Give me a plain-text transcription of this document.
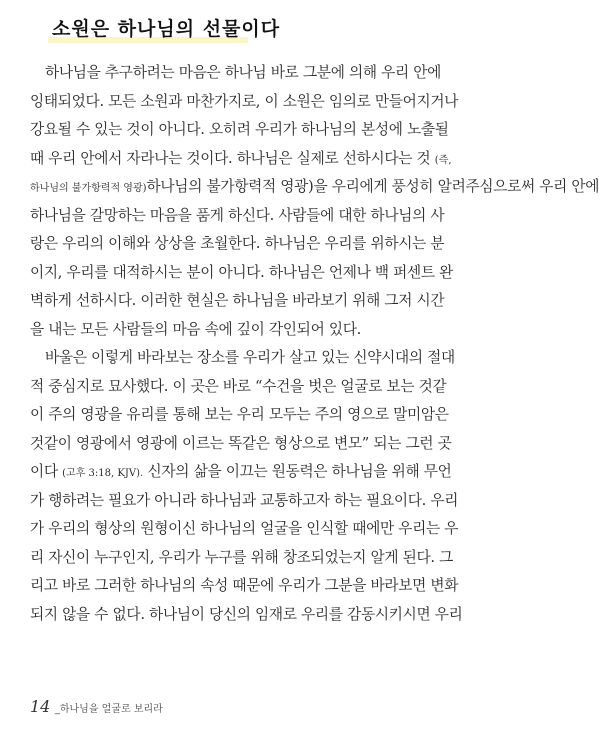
소원은 하나님의 선물이다
하나님을 추구하려는 마음은 하나님 바로 그분에 의해 우리 안에
잉태되었다. 모든 소원과 마찬가지로, 이 소원은 임의로 만들어지거나
강요될 수 있는 것이 아니다. 오히려 우리가 하나님의 본성에 노출될
때 우리 안에서 자라나는 것이다. 하나님은 실제로 선하시다는 것 (즉,
하나님의 불가항력적 영광)하나님의 불가항력적 영광)을 우리에게 풍성히 알려주심으로써 우리 안에
하나님을 갈망하는 마음을 품게 하신다. 사람들에 대한 하나님의 사
랑은 우리의 이해와 상상을 초월한다. 하나님은 우리를 위하시는 분
이지, 우리를 대적하시는 분이 아니다. 하나님은 언제나 백 퍼센트 완
벽하게 선하시다. 이러한 현실은 하나님을 바라보기 위해 그저 시간
을 내는 모든 사람들의 마음 속에 깊이 각인되어 있다.
바울은 이렇게 바라보는 장소를 우리가 살고 있는 신약시대의 절대
적 중심지로 묘사했다. 이 곳은 바로 “수건을 벗은 얼굴로 보는 것같
이 주의 영광을 유리를 통해 보는 우리 모두는 주의 영으로 말미암은
것같이 영광에서 영광에 이르는 똑같은 형상으로 변모” 되는 그런 곳
이다 (고후 3:18, KJV). 신자의 삶을 이끄는 원동력은 하나님을 위해 무언
가 행하려는 필요가 아니라 하나님과 교통하고자 하는 필요이다. 우리
가 우리의 형상의 원형이신 하나님의 얼굴을 인식할 때에만 우리는 우
리 자신이 누구인지, 우리가 누구를 위해 창조되었는지 알게 된다. 그
리고 바로 그러한 하나님의 속성 때문에 우리가 그분을 바라보면 변화
되지 않을 수 없다. 하나님이 당신의 임재로 우리를 감동시키시면 우리
14 _하나님을 얼굴로 보리라
